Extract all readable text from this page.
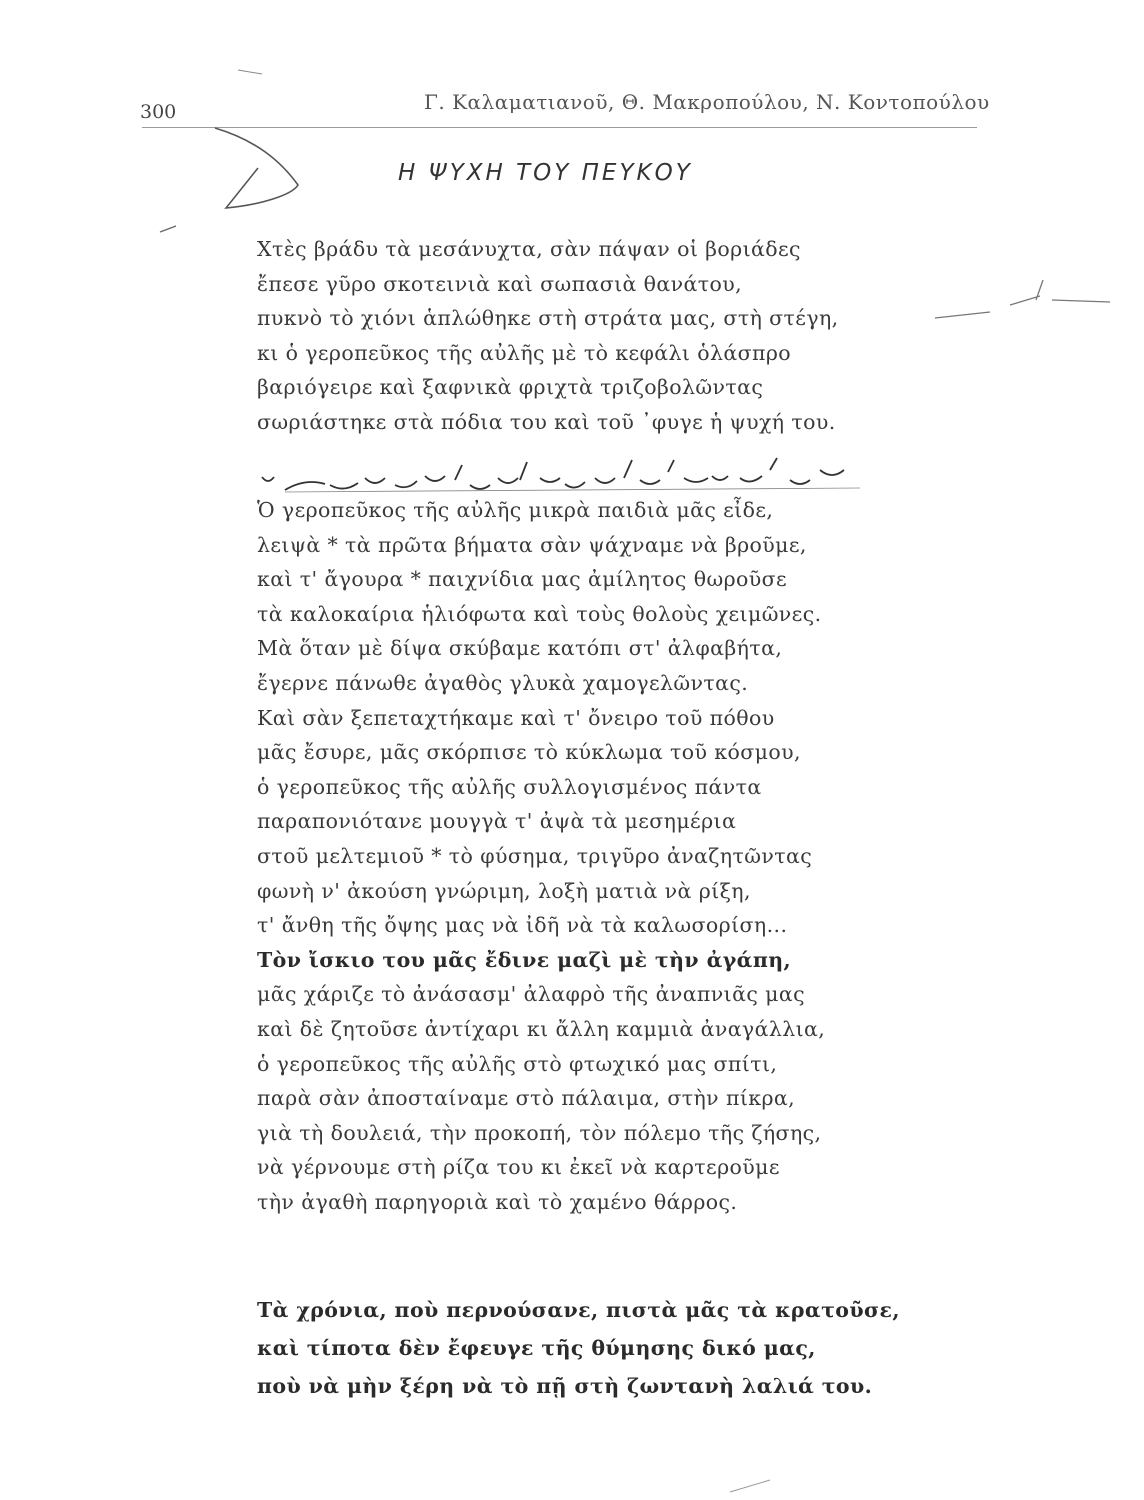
300	Γ. Καλαματιανοῦ, Θ. Μακροπούλου, Ν. Κοντοπούλου
Η ΨΥΧΗ ΤΟΥ ΠΕΥΚΟΥ
Χτὲς βράδυ τὰ μεσάνυχτα, σὰν πάψαν οἱ βοριάδες
ἔπεσε γῦρο σκοτεινιὰ καὶ σωπασιὰ θανάτου,
πυκνὸ τὸ χιόνι ἁπλώθηκε στὴ στράτα μας, στὴ στέγη,
κι ὁ γεροπεῦκος τῆς αὐλῆς μὲ τὸ κεφάλι ὁλάσπρο
βαριόγειρε καὶ ξαφνικὰ φριχτὰ τριζοβολῶντας
σωριάστηκε στὰ πόδια του καὶ τοῦ ᾿φυγε ἡ ψυχή του.
Ὁ γεροπεῦκος τῆς αὐλῆς μικρὰ παιδιὰ μᾶς εἶδε,
λειψὰ * τὰ πρῶτα βήματα σὰν ψάχναμε νὰ βροῦμε,
καὶ τ' ἄγουρα * παιχνίδια μας ἀμίλητος θωροῦσε
τὰ καλοκαίρια ἡλιόφωτα καὶ τοὺς θολοὺς χειμῶνες.
Μὰ ὅταν μὲ δίψα σκύβαμε κατόπι στ' ἀλφαβήτα,
ἔγερνε πάνωθε ἀγαθὸς γλυκὰ χαμογελῶντας.
Καὶ σὰν ξεπεταχτήκαμε καὶ τ' ὄνειρο τοῦ πόθου
μᾶς ἔσυρε, μᾶς σκόρπισε τὸ κύκλωμα τοῦ κόσμου,
ὁ γεροπεῦκος τῆς αὐλῆς συλλογισμένος πάντα
παραπονιότανε μουγγὰ τ' ἀψὰ τὰ μεσημέρια
στοῦ μελτεμιοῦ * τὸ φύσημα, τριγῦρο ἀναζητῶντας
φωνὴ ν' ἀκούση γνώριμη, λοξὴ ματιὰ νὰ ρίξη,
τ' ἄνθη τῆς ὄψης μας νὰ ἰδῆ νὰ τὰ καλωσορίση...
Τὸν ἴσκιο του μᾶς ἔδινε μαζὶ μὲ τὴν ἀγάπη,
μᾶς χάριζε τὸ ἀνάσασμ' ἀλαφρὸ τῆς ἀναπνιᾶς μας
καὶ δὲ ζητοῦσε ἀντίχαρι κι ἄλλη καμμιὰ ἀναγάλλια,
ὁ γεροπεῦκος τῆς αὐλῆς στὸ φτωχικό μας σπίτι,
παρὰ σὰν ἀποσταίναμε στὸ πάλαιμα, στὴν πίκρα,
γιὰ τὴ δουλειά, τὴν προκοπή, τὸν πόλεμο τῆς ζήσης,
νὰ γέρνουμε στὴ ρίζα του κι ἐκεῖ νὰ καρτεροῦμε
τὴν ἀγαθὴ παρηγοριὰ καὶ τὸ χαμένο θάρρος.
Τὰ χρόνια, ποὺ περνούσανε, πιστὰ μᾶς τὰ κρατοῦσε,
καὶ τίποτα δὲν ἔφευγε τῆς θύμησης δικό μας,
ποὺ νὰ μὴν ξέρη νὰ τὸ πῇ στὴ ζωντανὴ λαλιά του.
